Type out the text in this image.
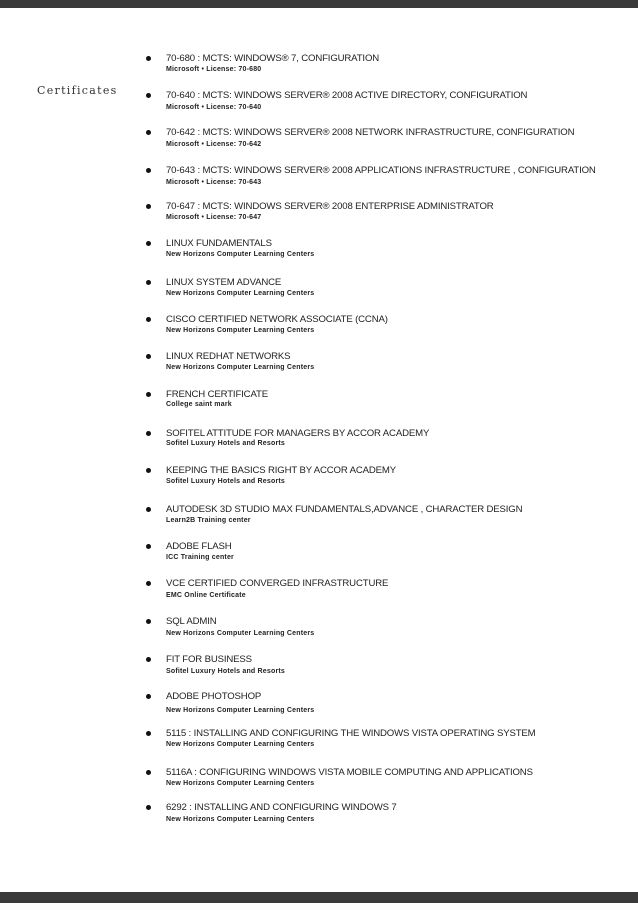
Certificates
70-680 : MCTS: WINDOWS® 7, CONFIGURATION
Microsoft • License: 70-680
70-640 : MCTS: WINDOWS SERVER® 2008 ACTIVE DIRECTORY, CONFIGURATION
Microsoft • License: 70-640
70-642 : MCTS: WINDOWS SERVER® 2008 NETWORK INFRASTRUCTURE, CONFIGURATION
Microsoft • License: 70-642
70-643 : MCTS: WINDOWS SERVER® 2008 APPLICATIONS INFRASTRUCTURE , CONFIGURATION
Microsoft • License: 70-643
70-647 : MCTS: WINDOWS SERVER® 2008 ENTERPRISE ADMINISTRATOR
Microsoft • License: 70-647
LINUX FUNDAMENTALS
New Horizons Computer Learning Centers
LINUX SYSTEM ADVANCE
New Horizons Computer Learning Centers
CISCO CERTIFIED NETWORK ASSOCIATE (CCNA)
New Horizons Computer Learning Centers
LINUX REDHAT NETWORKS
New Horizons Computer Learning Centers
FRENCH CERTIFICATE
College saint mark
SOFITEL ATTITUDE FOR MANAGERS BY ACCOR ACADEMY
Sofitel Luxury Hotels and Resorts
KEEPING THE BASICS RIGHT BY ACCOR ACADEMY
Sofitel Luxury Hotels and Resorts
AUTODESK 3D STUDIO MAX FUNDAMENTALS,ADVANCE , CHARACTER DESIGN
Learn2B Training center
ADOBE FLASH
ICC Training center
VCE CERTIFIED CONVERGED INFRASTRUCTURE
EMC Online Certificate
SQL ADMIN
New Horizons Computer Learning Centers
FIT FOR BUSINESS
Sofitel Luxury Hotels and Resorts
ADOBE PHOTOSHOP
New Horizons Computer Learning Centers
5115 : INSTALLING AND CONFIGURING THE WINDOWS VISTA OPERATING SYSTEM
New Horizons Computer Learning Centers
5116A : CONFIGURING WINDOWS VISTA MOBILE COMPUTING AND APPLICATIONS
New Horizons Computer Learning Centers
6292 : INSTALLING AND CONFIGURING WINDOWS 7
New Horizons Computer Learning Centers
